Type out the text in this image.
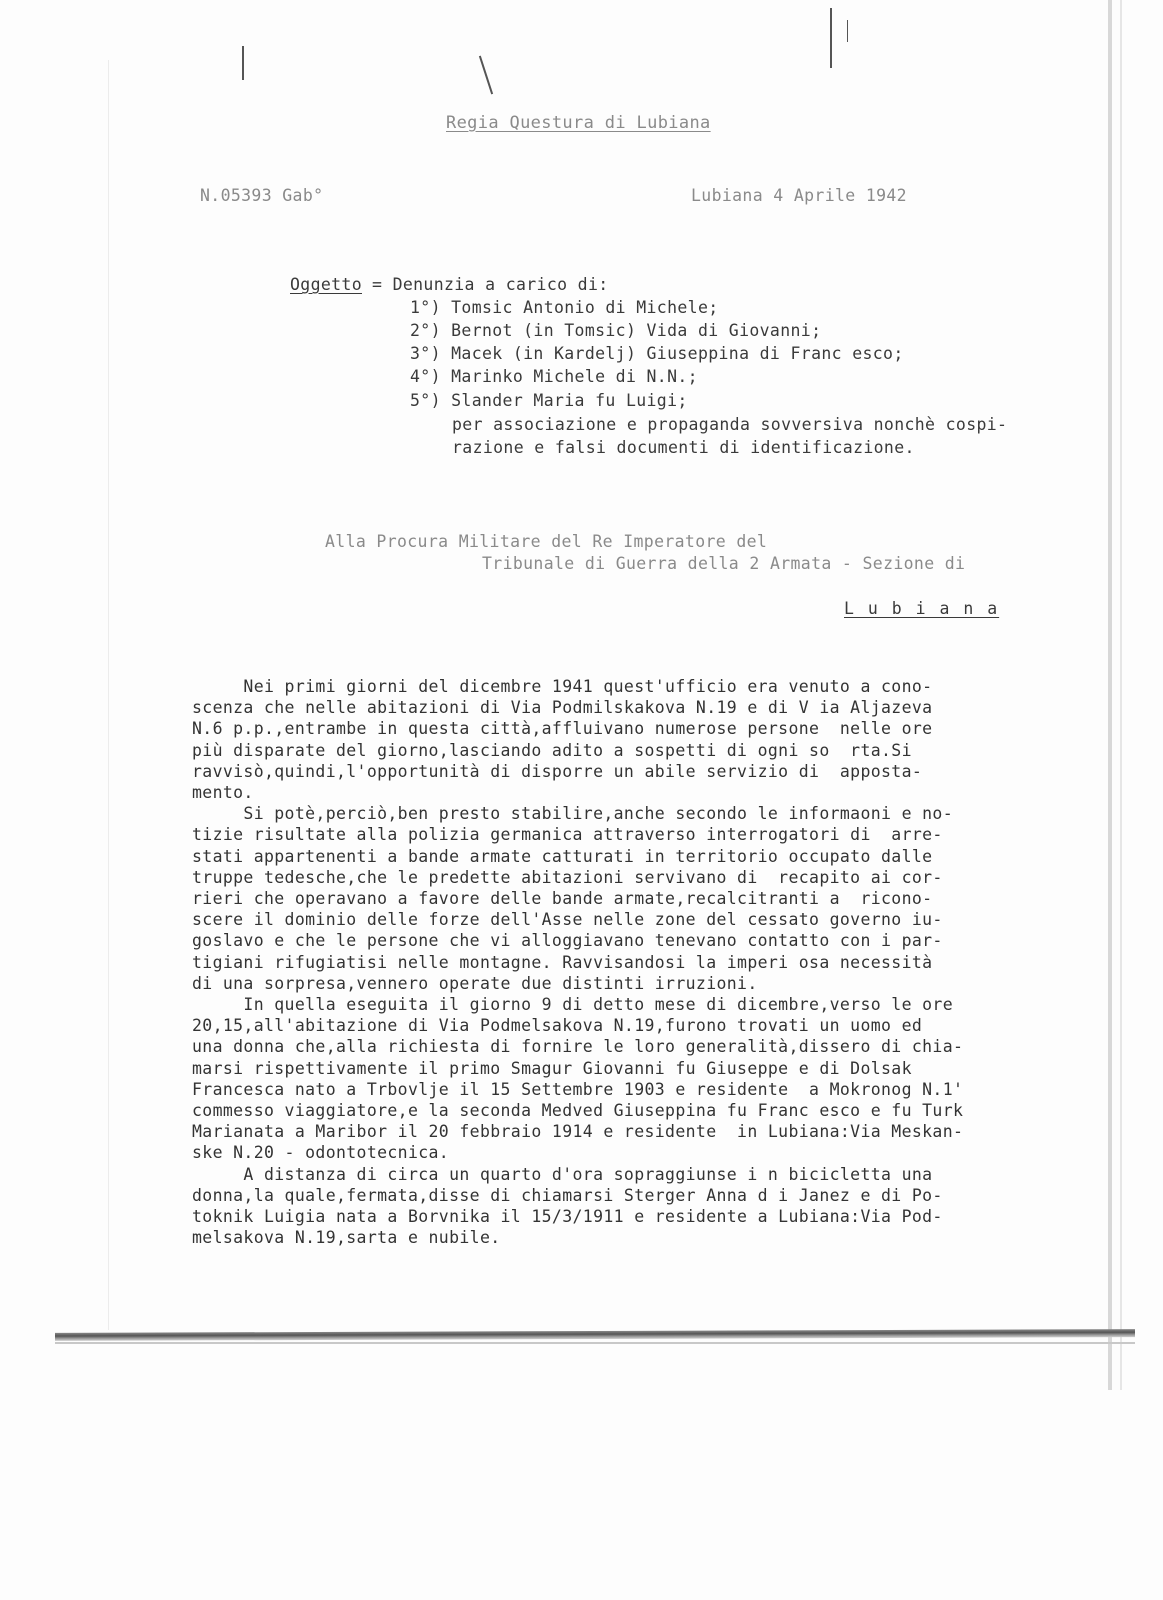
Regia Questura di Lubiana
N.05393 Gab°	Lubiana 4 Aprile 1942
Oggetto = Denunzia a carico di:
1°) Tomsic Antonio di Michele;
2°) Bernot (in Tomsic) Vida di Giovanni;
3°) Macek (in Kardelj) Giuseppina di Franc esco;
4°) Marinko Michele di N.N.;
5°) Slander Maria fu Luigi;
per associazione e propaganda sovversiva nonchè cospi-
razione e falsi documenti di identificazione.
Alla Procura Militare del Re Imperatore del
Tribunale di Guerra della 2 Armata - Sezione di
L u b i a n a
Nei primi giorni del dicembre 1941 quest'ufficio era venuto a cono-
scenza che nelle abitazioni di Via Podmilskakova N.19 e di V ia Aljazeva
N.6 p.p.,entrambe in questa città,affluivano numerose persone  nelle ore
più disparate del giorno,lasciando adito a sospetti di ogni so  rta.Si
ravvisò,quindi,l'opportunità di disporre un abile servizio di  apposta-
mento.
Si potè,perciò,ben presto stabilire,anche secondo le informaoni e no-
tizie risultate alla polizia germanica attraverso interrogatori di  arre-
stati appartenenti a bande armate catturati in territorio occupato dalle
truppe tedesche,che le predette abitazioni servivano di  recapito ai cor-
rieri che operavano a favore delle bande armate,recalcitranti a  ricono-
scere il dominio delle forze dell'Asse nelle zone del cessato governo iu-
goslavo e che le persone che vi alloggiavano tenevano contatto con i par-
tigiani rifugiatisi nelle montagne. Ravvisandosi la imperi osa necessità
di una sorpresa,vennero operate due distinti irruzioni.
In quella eseguita il giorno 9 di detto mese di dicembre,verso le ore
20,15,all'abitazione di Via Podmelsakova N.19,furono trovati un uomo ed
una donna che,alla richiesta di fornire le loro generalità,dissero di chia-
marsi rispettivamente il primo Smagur Giovanni fu Giuseppe e di Dolsak
Francesca nato a Trbovlje il 15 Settembre 1903 e residente  a Mokronog N.1'
commesso viaggiatore,e la seconda Medved Giuseppina fu Franc esco e fu Turk
Marianata a Maribor il 20 febbraio 1914 e residente  in Lubiana:Via Meskan-
ske N.20 - odontotecnica.
A distanza di circa un quarto d'ora sopraggiunse i n bicicletta una
donna,la quale,fermata,disse di chiamarsi Sterger Anna d i Janez e di Po-
toknik Luigia nata a Borvnika il 15/3/1911 e residente a Lubiana:Via Pod-
melsakova N.19,sarta e nubile.
